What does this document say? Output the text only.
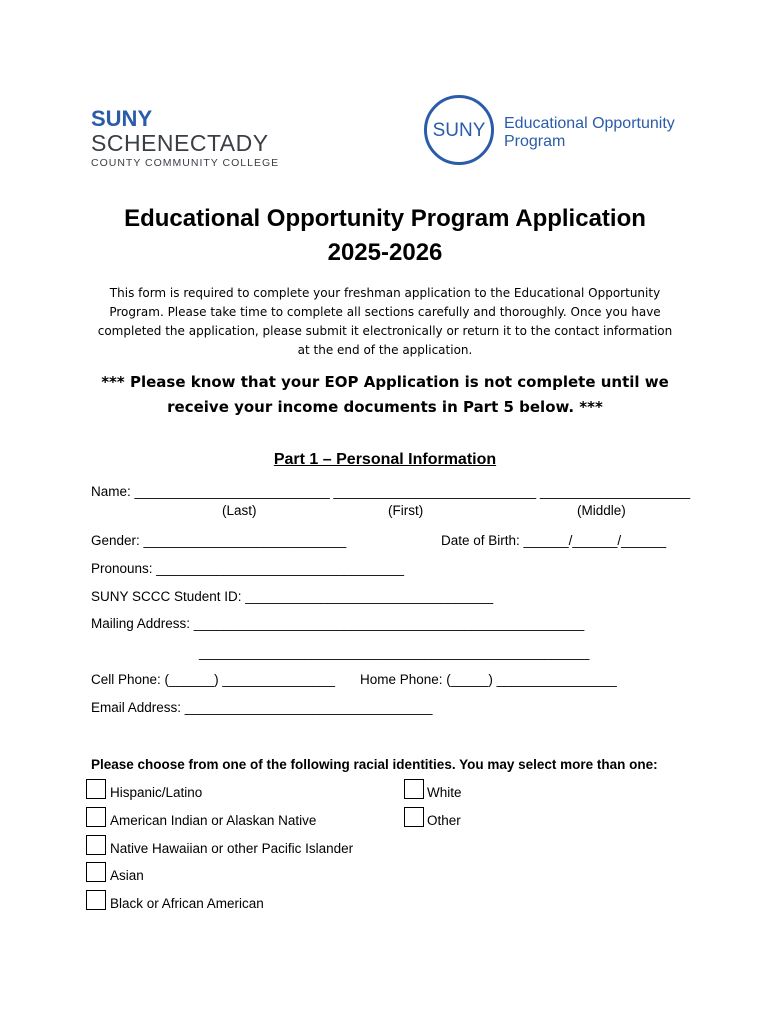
SUNY
SCHENECTADY
COUNTY COMMUNITY COLLEGE
SUNY	Educational Opportunity
Program
Educational Opportunity Program Application
2025-2026
This form is required to complete your freshman application to the Educational Opportunity Program. Please take time to complete all sections carefully and thoroughly. Once you have completed the application, please submit it electronically or return it to the contact information at the end of the application.
*** Please know that your EOP Application is not complete until we receive your income documents in Part 5 below. ***
Part 1 – Personal Information
Name: __________________________ ___________________________ ____________________
(Last)	(First)	(Middle)
Gender: ___________________________	Date of Birth: ______/______/______
Pronouns: _________________________________
SUNY SCCC Student ID: _________________________________
Mailing Address: ____________________________________________________
____________________________________________________
Cell Phone: (______) _______________ Home Phone: (_____) ________________
Email Address: _________________________________
Please choose from one of the following racial identities. You may select more than one:
Hispanic/Latino
American Indian or Alaskan Native
Native Hawaiian or other Pacific Islander
Asian
Black or African American
White
Other
